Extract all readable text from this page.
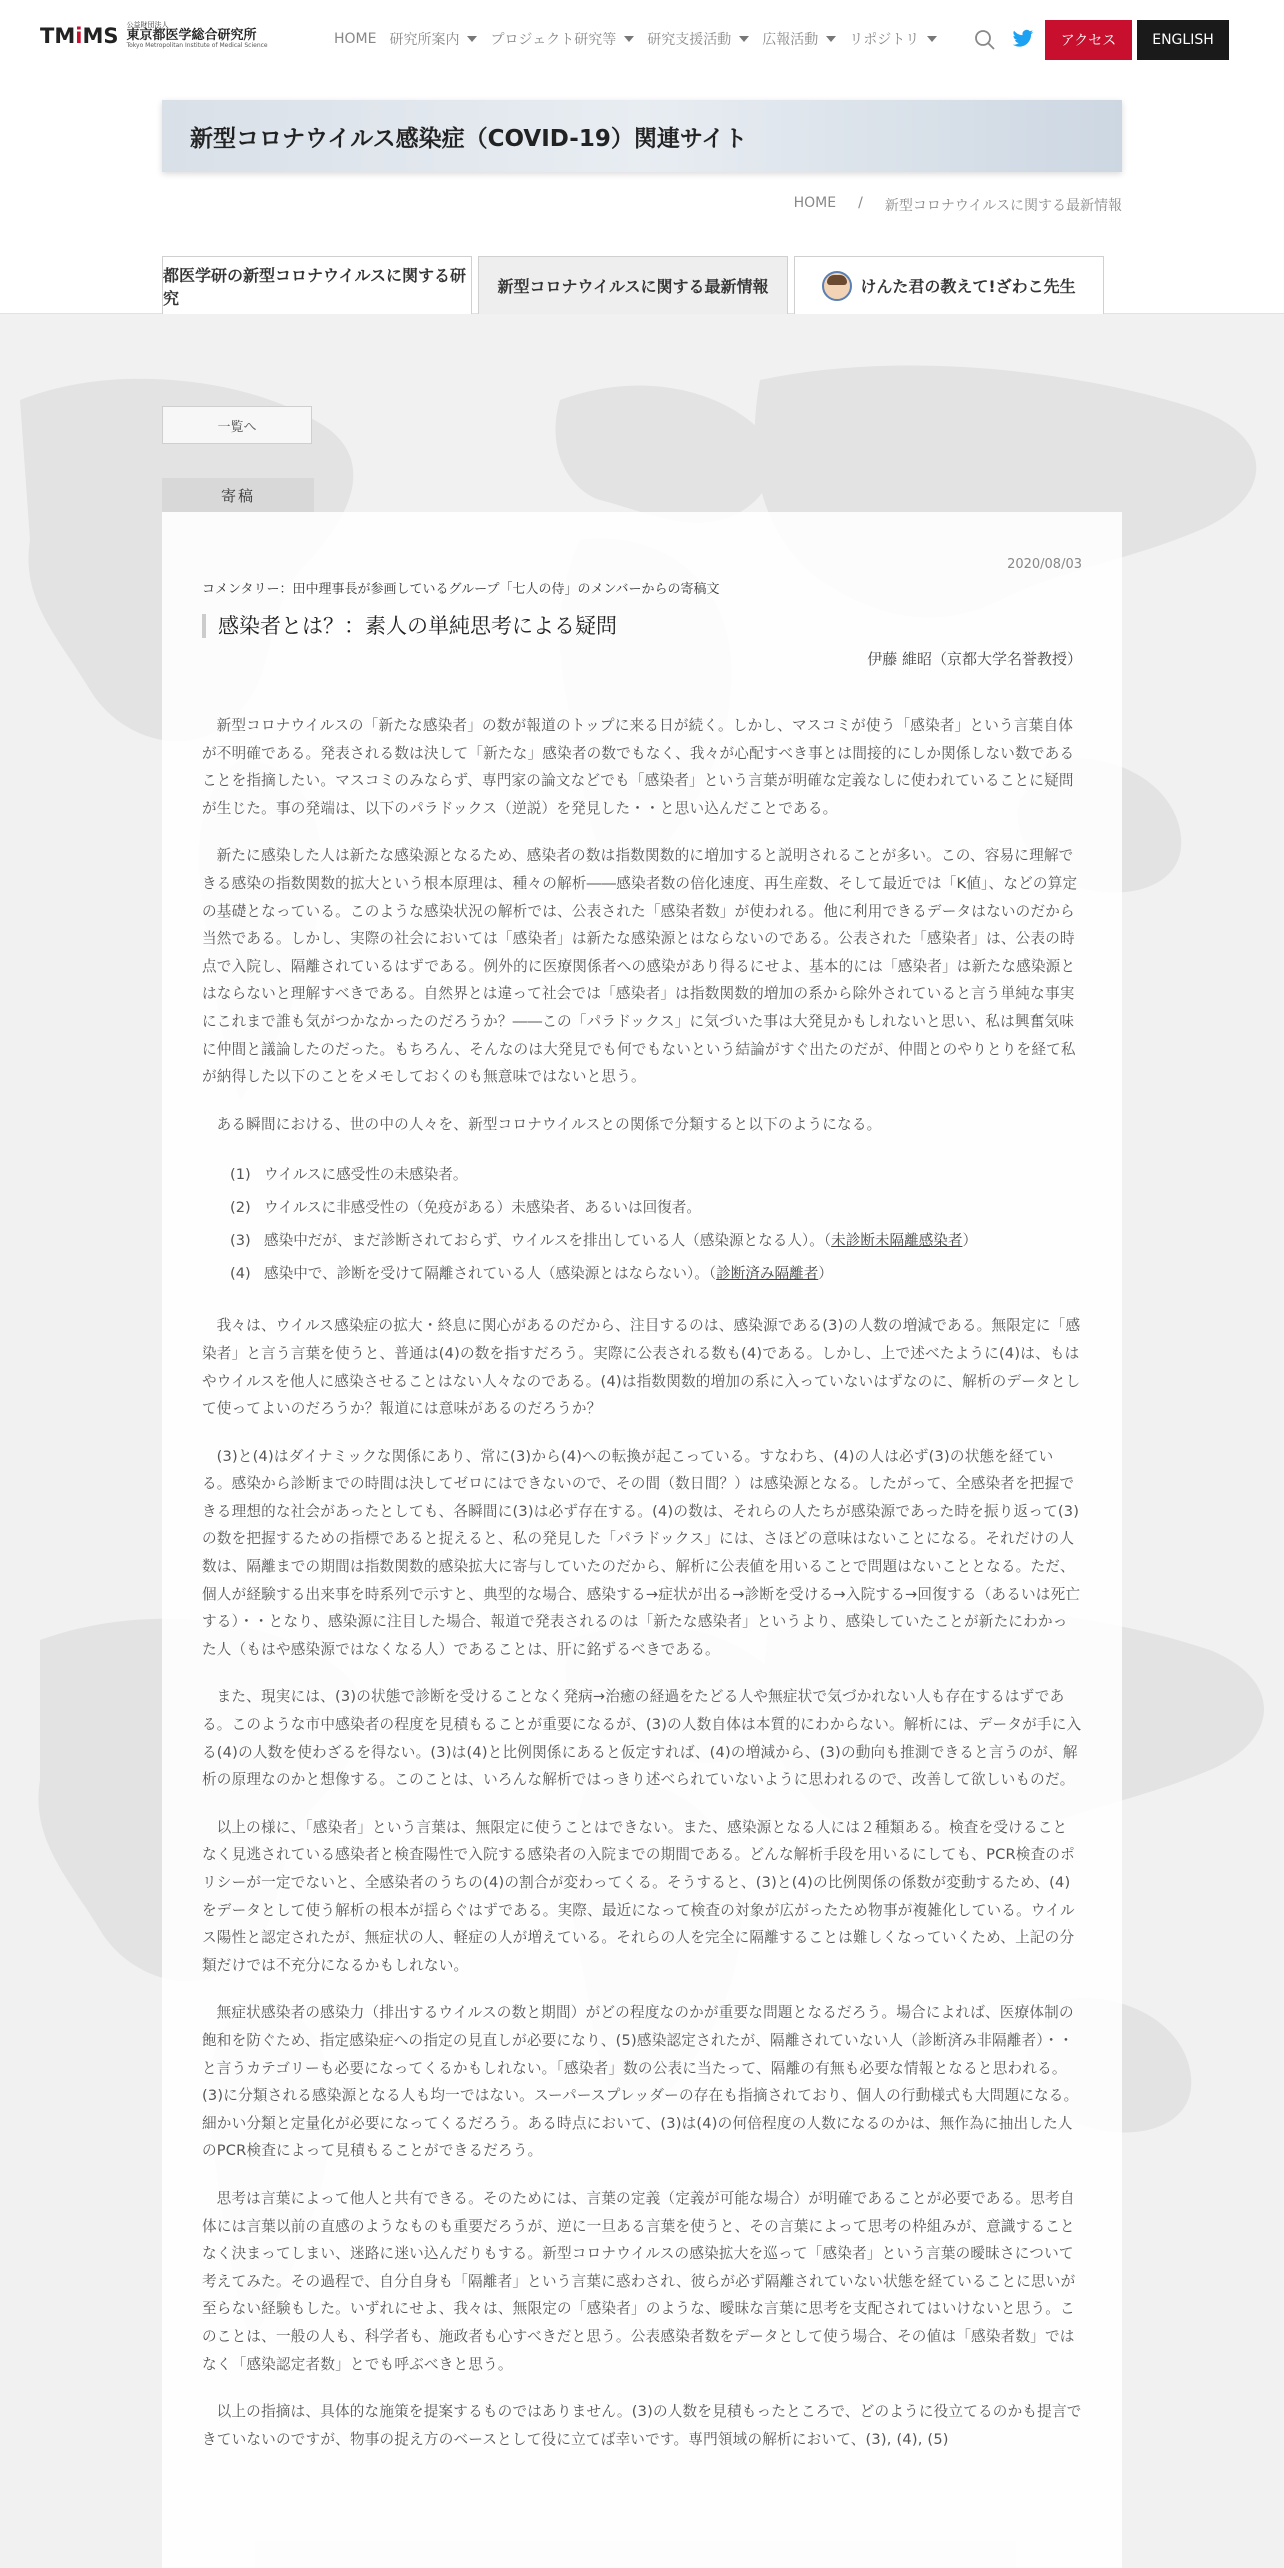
TMiMS 公益財団法人
東京都医学総合研究所
Tokyo Metropolitan Institute of Medical Science	HOME 研究所案内 プロジェクト研究等 研究支援活動 広報活動 リポジトリ	アクセス	ENGLISH
新型コロナウイルス感染症（COVID-19）関連サイト
HOME / 新型コロナウイルスに関する最新情報
都医学研の新型コロナウイルスに関する研究
新型コロナウイルスに関する最新情報	けんた君の教えて!ざわこ先生
一覧へ
寄稿
2020/08/03
コメンタリー：田中理事長が参画しているグループ「七人の侍」のメンバーからの寄稿文
感染者とは？：素人の単純思考による疑問
伊藤 維昭（京都大学名誉教授）

新型コロナウイルスの「新たな感染者」の数が報道のトップに来る日が続く。しかし、マスコミが使う「感染者」という言葉自体が不明確である。発表される数は決して「新たな」感染者の数でもなく、我々が心配すべき事とは間接的にしか関係しない数であることを指摘したい。マスコミのみならず、専門家の論文などでも「感染者」という言葉が明確な定義なしに使われていることに疑問が生じた。事の発端は、以下のパラドックス（逆説）を発見した・・と思い込んだことである。

新たに感染した人は新たな感染源となるため、感染者の数は指数関数的に増加すると説明されることが多い。この、容易に理解できる感染の指数関数的拡大という根本原理は、種々の解析――感染者数の倍化速度、再生産数、そして最近では「K値」、などの算定の基礎となっている。このような感染状況の解析では、公表された「感染者数」が使われる。他に利用できるデータはないのだから当然である。しかし、実際の社会においては「感染者」は新たな感染源とはならないのである。公表された「感染者」は、公表の時点で入院し、隔離されているはずである。例外的に医療関係者への感染があり得るにせよ、基本的には「感染者」は新たな感染源とはならないと理解すべきである。自然界とは違って社会では「感染者」は指数関数的増加の系から除外されていると言う単純な事実にこれまで誰も気がつかなかったのだろうか？――この「パラドックス」に気づいた事は大発見かもしれないと思い、私は興奮気味に仲間と議論したのだった。もちろん、そんなのは大発見でも何でもないという結論がすぐ出たのだが、仲間とのやりとりを経て私が納得した以下のことをメモしておくのも無意味ではないと思う。

ある瞬間における、世の中の人々を、新型コロナウイルスとの関係で分類すると以下のようになる。

(1) ウイルスに感受性の未感染者。
(2) ウイルスに非感受性の（免疫がある）未感染者、あるいは回復者。
(3) 感染中だが、まだ診断されておらず、ウイルスを排出している人（感染源となる人）。（未診断未隔離感染者）
(4) 感染中で、診断を受けて隔離されている人（感染源とはならない）。（診断済み隔離者）

我々は、ウイルス感染症の拡大・終息に関心があるのだから、注目するのは、感染源である(3)の人数の増減である。無限定に「感染者」と言う言葉を使うと、普通は(4)の数を指すだろう。実際に公表される数も(4)である。しかし、上で述べたように(4)は、もはやウイルスを他人に感染させることはない人々なのである。(4)は指数関数的増加の系に入っていないはずなのに、解析のデータとして使ってよいのだろうか？報道には意味があるのだろうか？

(3)と(4)はダイナミックな関係にあり、常に(3)から(4)への転換が起こっている。すなわち、(4)の人は必ず(3)の状態を経ている。感染から診断までの時間は決してゼロにはできないので、その間（数日間？）は感染源となる。したがって、全感染者を把握できる理想的な社会があったとしても、各瞬間に(3)は必ず存在する。(4)の数は、それらの人たちが感染源であった時を振り返って(3)の数を把握するための指標であると捉えると、私の発見した「パラドックス」には、さほどの意味はないことになる。それだけの人数は、隔離までの期間は指数関数的感染拡大に寄与していたのだから、解析に公表値を用いることで問題はないこととなる。ただ、個人が経験する出来事を時系列で示すと、典型的な場合、感染する→症状が出る→診断を受ける→入院する→回復する（あるいは死亡する）・・となり、感染源に注目した場合、報道で発表されるのは「新たな感染者」というより、感染していたことが新たにわかった人（もはや感染源ではなくなる人）であることは、肝に銘ずるべきである。

また、現実には、(3)の状態で診断を受けることなく発病→治癒の経過をたどる人や無症状で気づかれない人も存在するはずである。このような市中感染者の程度を見積もることが重要になるが、(3)の人数自体は本質的にわからない。解析には、データが手に入る(4)の人数を使わざるを得ない。(3)は(4)と比例関係にあると仮定すれば、(4)の増減から、(3)の動向も推測できると言うのが、解析の原理なのかと想像する。このことは、いろんな解析ではっきり述べられていないように思われるので、改善して欲しいものだ。

以上の様に、「感染者」という言葉は、無限定に使うことはできない。また、感染源となる人には２種類ある。検査を受けることなく見逃されている感染者と検査陽性で入院する感染者の入院までの期間である。どんな解析手段を用いるにしても、PCR検査のポリシーが一定でないと、全感染者のうちの(4)の割合が変わってくる。そうすると、(3)と(4)の比例関係の係数が変動するため、(4)をデータとして使う解析の根本が揺らぐはずである。実際、最近になって検査の対象が広がったため物事が複雑化している。ウイルス陽性と認定されたが、無症状の人、軽症の人が増えている。それらの人を完全に隔離することは難しくなっていくため、上記の分類だけでは不充分になるかもしれない。

無症状感染者の感染力（排出するウイルスの数と期間）がどの程度なのかが重要な問題となるだろう。場合によれば、医療体制の飽和を防ぐため、指定感染症への指定の見直しが必要になり、(5)感染認定されたが、隔離されていない人（診断済み非隔離者）・・と言うカテゴリーも必要になってくるかもしれない。「感染者」数の公表に当たって、隔離の有無も必要な情報となると思われる。(3)に分類される感染源となる人も均一ではない。スーパースプレッダーの存在も指摘されており、個人の行動様式も大問題になる。細かい分類と定量化が必要になってくるだろう。ある時点において、(3)は(4)の何倍程度の人数になるのかは、無作為に抽出した人のPCR検査によって見積もることができるだろう。

思考は言葉によって他人と共有できる。そのためには、言葉の定義（定義が可能な場合）が明確であることが必要である。思考自体には言葉以前の直感のようなものも重要だろうが、逆に一旦ある言葉を使うと、その言葉によって思考の枠組みが、意識することなく決まってしまい、迷路に迷い込んだりもする。新型コロナウイルスの感染拡大を巡って「感染者」という言葉の曖昧さについて考えてみた。その過程で、自分自身も「隔離者」という言葉に惑わされ、彼らが必ず隔離されていない状態を経ていることに思いが至らない経験もした。いずれにせよ、我々は、無限定の「感染者」のような、曖昧な言葉に思考を支配されてはいけないと思う。このことは、一般の人も、科学者も、施政者も心すべきだと思う。公表感染者数をデータとして使う場合、その値は「感染者数」ではなく「感染認定者数」とでも呼ぶべきと思う。

以上の指摘は、具体的な施策を提案するものではありません。(3)の人数を見積もったところで、どのように役立てるのかも提言できていないのですが、物事の捉え方のベースとして役に立てば幸いです。専門領域の解析において、(3), (4), (5)
